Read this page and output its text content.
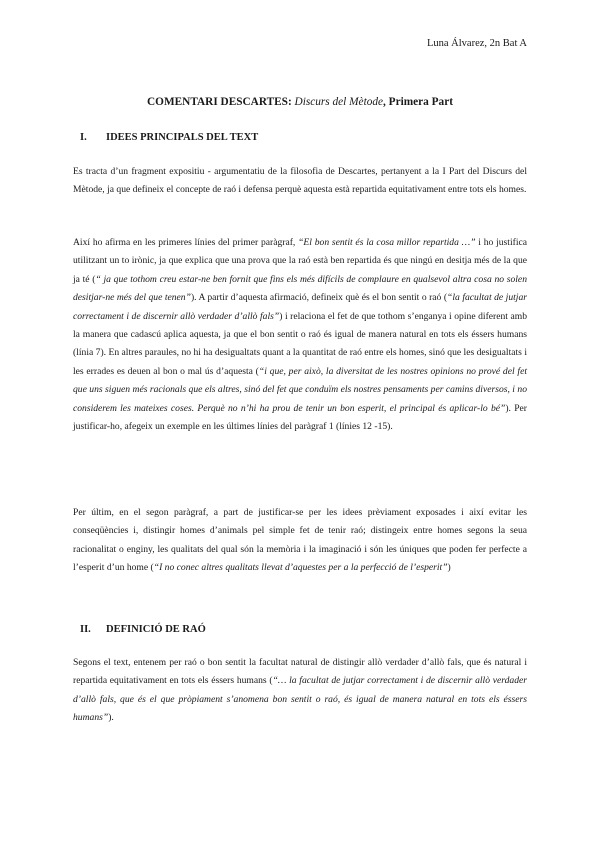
Luna Álvarez, 2n Bat A
COMENTARI DESCARTES: Discurs del Mètode, Primera Part
I. IDEES PRINCIPALS DEL TEXT

Es tracta d’un fragment expositiu - argumentatiu de la filosofia de Descartes, pertanyent a la I Part del Discurs del Mètode, ja que defineix el concepte de raó i defensa perquè aquesta està repartida equitativament entre tots els homes.

Així ho afirma en les primeres línies del primer paràgraf, “El bon sentit és la cosa millor repartida …” i ho justifica utilitzant un to irònic, ja que explica que una prova que la raó està ben repartida és que ningú en desitja més de la que ja té (“ ja que tothom creu estar-ne ben fornit que fins els més difícils de complaure en qualsevol altra cosa no solen desitjar-ne més del que tenen”). A partir d’aquesta afirmació, defineix què és el bon sentit o raó (“la facultat de jutjar correctament i de discernir allò verdader d’allò fals”) i relaciona el fet de que tothom s’enganya i opine diferent amb la manera que cadascú aplica aquesta, ja que el bon sentit o raó és igual de manera natural en tots els éssers humans (línia 7). En altres paraules, no hi ha desigualtats quant a la quantitat de raó entre els homes, sinó que les desigualtats i les errades es deuen al bon o mal ús d’aquesta (“i que, per això, la diversitat de les nostres opinions no prové del fet que uns siguen més racionals que els altres, sinó del fet que conduïm els nostres pensaments per camins diversos, i no considerem les mateixes coses. Perquè no n’hi ha prou de tenir un bon esperit, el principal és aplicar-lo bé”). Per justificar-ho, afegeix un exemple en les últimes línies del paràgraf 1 (línies 12 -15).

Per últim, en el segon paràgraf, a part de justificar-se per les idees prèviament exposades i així evitar les conseqüències i, distingir homes d’animals pel simple fet de tenir raó; distingeix entre homes segons la seua racionalitat o enginy, les qualitats del qual són la memòria i la imaginació i són les úniques que poden fer perfecte a l’esperit d’un home (“I no conec altres qualitats llevat d’aquestes per a la perfecció de l’esperit”)

II. DEFINICIÓ DE RAÓ

Segons el text, entenem per raó o bon sentit la facultat natural de distingir allò verdader d’allò fals, que és natural i repartida equitativament en tots els éssers humans (“… la facultat de jutjar correctament i de discernir allò verdader d’allò fals, que és el que pròpiament s’anomena bon sentit o raó, és igual de manera natural en tots els éssers humans”).
